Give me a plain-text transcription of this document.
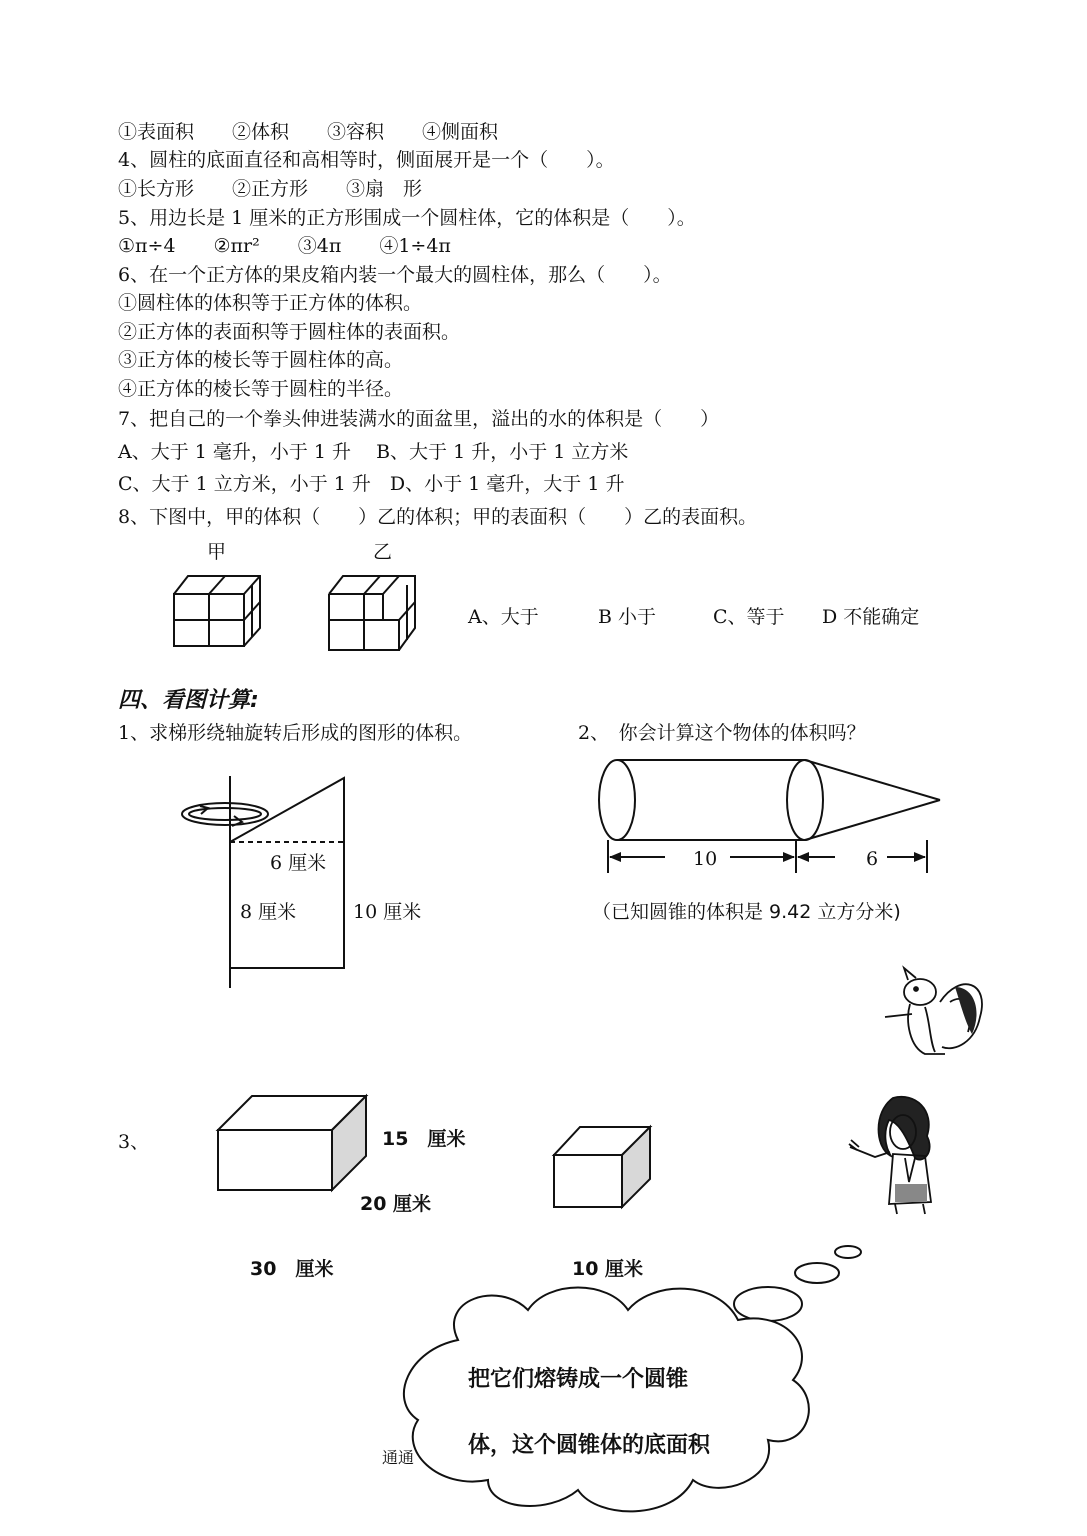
①表面积　　②体积　　③容积　　④侧面积
4、圆柱的底面直径和高相等时，侧面展开是一个（　　）。
①长方形　　②正方形　　③扇　形
5、用边长是 1 厘米的正方形围成一个圆柱体，它的体积是（　　）。
①π÷4　　②πr²　　③4π　　④1÷4π
6、在一个正方体的果皮箱内装一个最大的圆柱体，那么（　　）。
①圆柱体的体积等于正方体的体积。
②正方体的表面积等于圆柱体的表面积。
③正方体的棱长等于圆柱体的高。
④正方体的棱长等于圆柱的半径。
7、把自己的一个拳头伸进装满水的面盆里，溢出的水的体积是（　　）
A、大于 1 毫升，小于 1 升　 B、大于 1 升，小于 1 立方米
C、大于 1 立方米，小于 1 升　D、小于 1 毫升，大于 1 升
8、下图中，甲的体积（　　）乙的体积；甲的表面积（　　）乙的表面积。
甲	乙
A、大于	B 小于	C、等于 D 不能确定
四、看图计算:
1、求梯形绕轴旋转后形成的图形的体积。	2、　你会计算这个物体的体积吗？
6 厘米
8 厘米	10 厘米
10	6
（已知圆锥的体积是 9.42 立方分米)
3、	15　厘米
20 厘米
30　厘米	10 厘米
把它们熔铸成一个圆锥
体，这个圆锥体的底面积
通通
